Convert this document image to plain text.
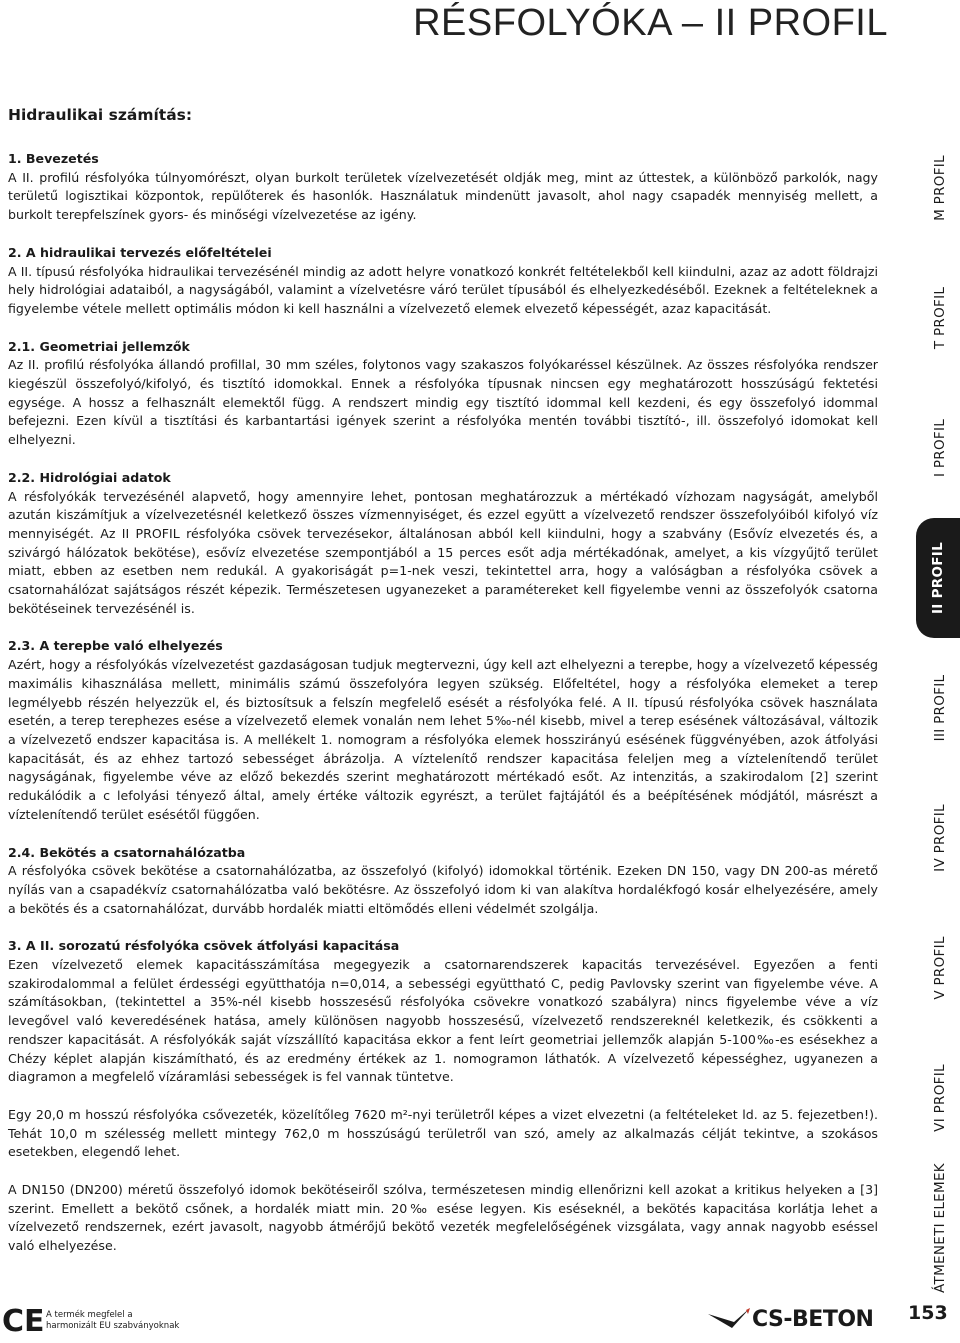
RÉSFOLYÓKA – II PROFIL
Hidraulikai számítás:
1. Bevezetés

A II. profilú résfolyóka túlnyomórészt, olyan burkolt területek vízelvezetését oldják meg, mint az úttestek, a különböző parkolók, nagy területű logisztikai központok, repülőterek és hasonlók. Használatuk mindenütt javasolt, ahol nagy csapadék mennyiség mellett, a burkolt terepfelszínek gyors- és minőségi vízelvezetése az igény.

2. A hidraulikai tervezés előfeltételei

A II. típusú résfolyóka hidraulikai tervezésénél mindig az adott helyre vonatkozó konkrét feltételekből kell kiindulni, azaz az adott földrajzi hely hidrológiai adataiból, a nagyságából, valamint a vízelvetésre váró terület típusából és elhelyezkedéséből. Ezeknek a feltételeknek a figyelembe vétele mellett optimális módon ki kell használni a vízelvezető elemek elvezető képességét, azaz kapacitását.

2.1. Geometriai jellemzők

Az II. profilú résfolyóka állandó profillal, 30 mm széles, folytonos vagy szakaszos folyókaréssel készülnek. Az összes résfolyóka rendszer kiegészül összefolyó/kifolyó, és tisztító idomokkal. Ennek a résfolyóka típusnak nincsen egy meghatározott hosszúságú fektetési egysége. A hossz a felhasznált elemektől függ. A rendszert mindig egy tisztító idommal kell kezdeni, és egy összefolyó idommal befejezni. Ezen kívül a tisztítási és karbantartási igények szerint a résfolyóka mentén további tisztító-, ill. összefolyó idomokat kell elhelyezni.

2.2. Hidrológiai adatok

A résfolyókák tervezésénél alapvető, hogy amennyire lehet, pontosan meghatározzuk a mértékadó vízhozam nagyságát, amelyből azután kiszámítjuk a vízelvezetésnél keletkező összes vízmennyiséget, és ezzel együtt a vízelvezető rendszer összefolyóiból kifolyó víz mennyiségét. Az II PROFIL résfolyóka csövek tervezésekor, általánosan abból kell kiindulni, hogy a szabvány (Esővíz elvezetés és, a szivárgó hálózatok bekötése), esővíz elvezetése szempontjából a 15 perces esőt adja mértékadónak, amelyet, a kis vízgyűjtő terület miatt, ebben az esetben nem redukál. A gyakoriságát p=1-nek veszi, tekintettel arra, hogy a valóságban a résfolyóka csövek a csatornahálózat sajátságos részét képezik. Természetesen ugyanezeket a paramétereket kell figyelembe venni az összefolyók csatorna bekötéseinek tervezésénél is.

2.3. A terepbe való elhelyezés

Azért, hogy a résfolyókás vízelvezetést gazdaságosan tudjuk megtervezni, úgy kell azt elhelyezni a terepbe, hogy a vízelvezető képesség maximális kihasználása mellett, minimális számú összefolyóra legyen szükség. Előfeltétel, hogy a résfolyóka elemeket a terep legmélyebb részén helyezzük el, és biztosítsuk a felszín megfelelő esését a résfolyóka felé. A II. típusú résfolyóka csövek használata esetén, a terep terephezes esése a vízelvezető elemek vonalán nem lehet 5‰-nél kisebb, mivel a terep esésének változásával, változik a vízelvezető endszer kapacitása is. A mellékelt 1. nomogram a résfolyóka elemek hosszirányú esésének függvényében, azok átfolyási kapacitását, és az ehhez tartozó sebességet ábrázolja. A víztelenítő rendszer kapacitása feleljen meg a víztelenítendő terület nagyságának, figyelembe véve az előző bekezdés szerint meghatározott mértékadó esőt. Az intenzitás, a szakirodalom [2] szerint redukálódik a c lefolyási tényező által, amely értéke változik egyrészt, a terület fajtájától és a beépítésének módjától, másrészt a víztelenítendő terület esésétől függően.

2.4. Bekötés a csatornahálózatba

A résfolyóka csövek bekötése a csatornahálózatba, az összefolyó (kifolyó) idomokkal történik. Ezeken DN 150, vagy DN 200-as mérető nyílás van a csapadékvíz csatornahálózatba való bekötésre. Az összefolyó idom ki van alakítva hordalékfogó kosár elhelyezésére, amely a bekötés és a csatornahálózat, durvább hordalék miatti eltömődés elleni védelmét szolgálja.

3. A II. sorozatú résfolyóka csövek átfolyási kapacitása

Ezen vízelvezető elemek kapacitásszámítása megegyezik a csatornarendszerek kapacitás tervezésével. Egyezően a fenti szakirodalommal a felület érdességi együtthatója n=0,014, a sebességi együttható C, pedig Pavlovsky szerint van figyelembe véve. A számításokban, (tekintettel a 35%-nél kisebb hosszesésű résfolyóka csövekre vonatkozó szabályra) nincs figyelembe véve a víz levegővel való keveredésének hatása, amely különösen nagyobb hosszesésű, vízelvezető rendszereknél keletkezik, és csökkenti a rendszer kapacitását. A résfolyókák saját vízszállító kapacitása ekkor a fent leírt geometriai jellemzők alapján 5-100‰-es esésekhez a Chézy képlet alapján kiszámítható, és az eredmény értékek az 1. nomogramon láthatók. A vízelvezető képességhez, ugyanezen a diagramon a megfelelő vízáramlási sebességek is fel vannak tüntetve.

Egy 20,0 m hosszú résfolyóka csővezeték, közelítőleg 7620 m²-nyi területről képes a vizet elvezetni (a feltételeket ld. az 5. fejezetben!). Tehát 10,0 m szélesség mellett mintegy 762,0 m hosszúságú területről van szó, amely az alkalmazás célját tekintve, a szokásos esetekben, elegendő lehet.

A DN150 (DN200) méretű összefolyó idomok bekötéseiről szólva, természetesen mindig ellenőrizni kell azokat a kritikus helyeken a [3] szerint. Emellett a bekötő csőnek, a hordalék miatt min. 20‰ esése legyen. Kis eséseknél, a bekötés kapacitása korlátja lehet a vízelvezető rendszernek, ezért javasolt, nagyobb átmérőjű bekötő vezeték megfelelőségének vizsgálata, vagy annak nagyobb eséssel való elhelyezése.

M PROFIL
T PROFIL
I PROFIL
II PROFIL
III PROFIL
IV PROFIL
V PROFIL
VI PROFIL
ÁTMENETI ELEMEK
CE A termék megfelel a
harmonizált EU szabványoknak	CS-BETON 153
